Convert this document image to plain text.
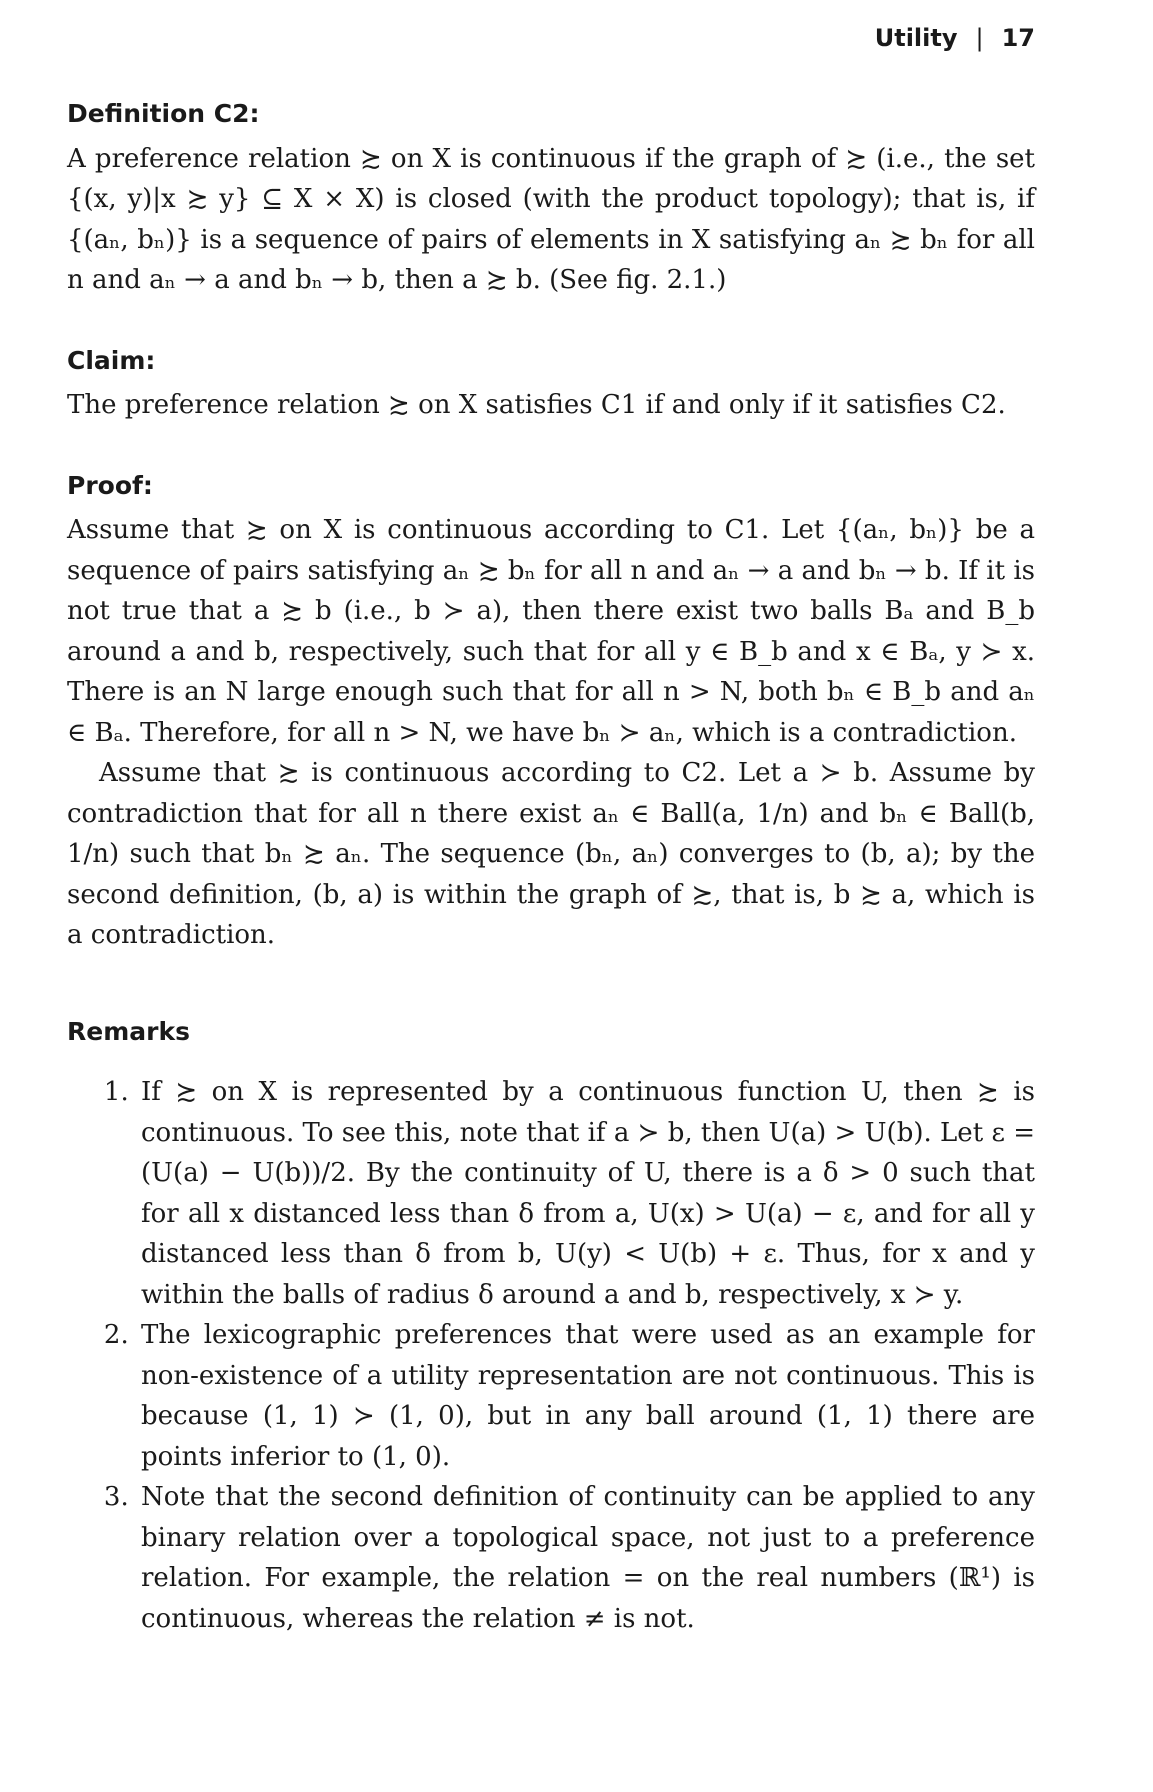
Utility | 17
Definition C2:

A preference relation ≿ on X is continuous if the graph of ≿ (i.e., the set {(x, y)|x ≿ y} ⊆ X × X) is closed (with the product topology); that is, if {(aₙ, bₙ)} is a sequence of pairs of elements in X satisfying aₙ ≿ bₙ for all n and aₙ → a and bₙ → b, then a ≿ b. (See fig. 2.1.)

Claim:

The preference relation ≿ on X satisfies C1 if and only if it satisfies C2.

Proof:

Assume that ≿ on X is continuous according to C1. Let {(aₙ, bₙ)} be a sequence of pairs satisfying aₙ ≿ bₙ for all n and aₙ → a and bₙ → b. If it is not true that a ≿ b (i.e., b ≻ a), then there exist two balls Bₐ and B_b around a and b, respectively, such that for all y ∈ B_b and x ∈ Bₐ, y ≻ x. There is an N large enough such that for all n > N, both bₙ ∈ B_b and aₙ ∈ Bₐ. Therefore, for all n > N, we have bₙ ≻ aₙ, which is a contradiction.

Assume that ≿ is continuous according to C2. Let a ≻ b. Assume by contradiction that for all n there exist aₙ ∈ Ball(a, 1/n) and bₙ ∈ Ball(b, 1/n) such that bₙ ≿ aₙ. The sequence (bₙ, aₙ) converges to (b, a); by the second definition, (b, a) is within the graph of ≿, that is, b ≿ a, which is a contradiction.

Remarks
1. If ≿ on X is represented by a continuous function U, then ≿ is continuous. To see this, note that if a ≻ b, then U(a) > U(b). Let ε = (U(a) − U(b))/2. By the continuity of U, there is a δ > 0 such that for all x distanced less than δ from a, U(x) > U(a) − ε, and for all y distanced less than δ from b, U(y) < U(b) + ε. Thus, for x and y within the balls of radius δ around a and b, respectively, x ≻ y.
2. The lexicographic preferences that were used as an example for non-existence of a utility representation are not continuous. This is because (1, 1) ≻ (1, 0), but in any ball around (1, 1) there are points inferior to (1, 0).
3. Note that the second definition of continuity can be applied to any binary relation over a topological space, not just to a preference relation. For example, the relation = on the real numbers (ℝ¹) is continuous, whereas the relation ≠ is not.
